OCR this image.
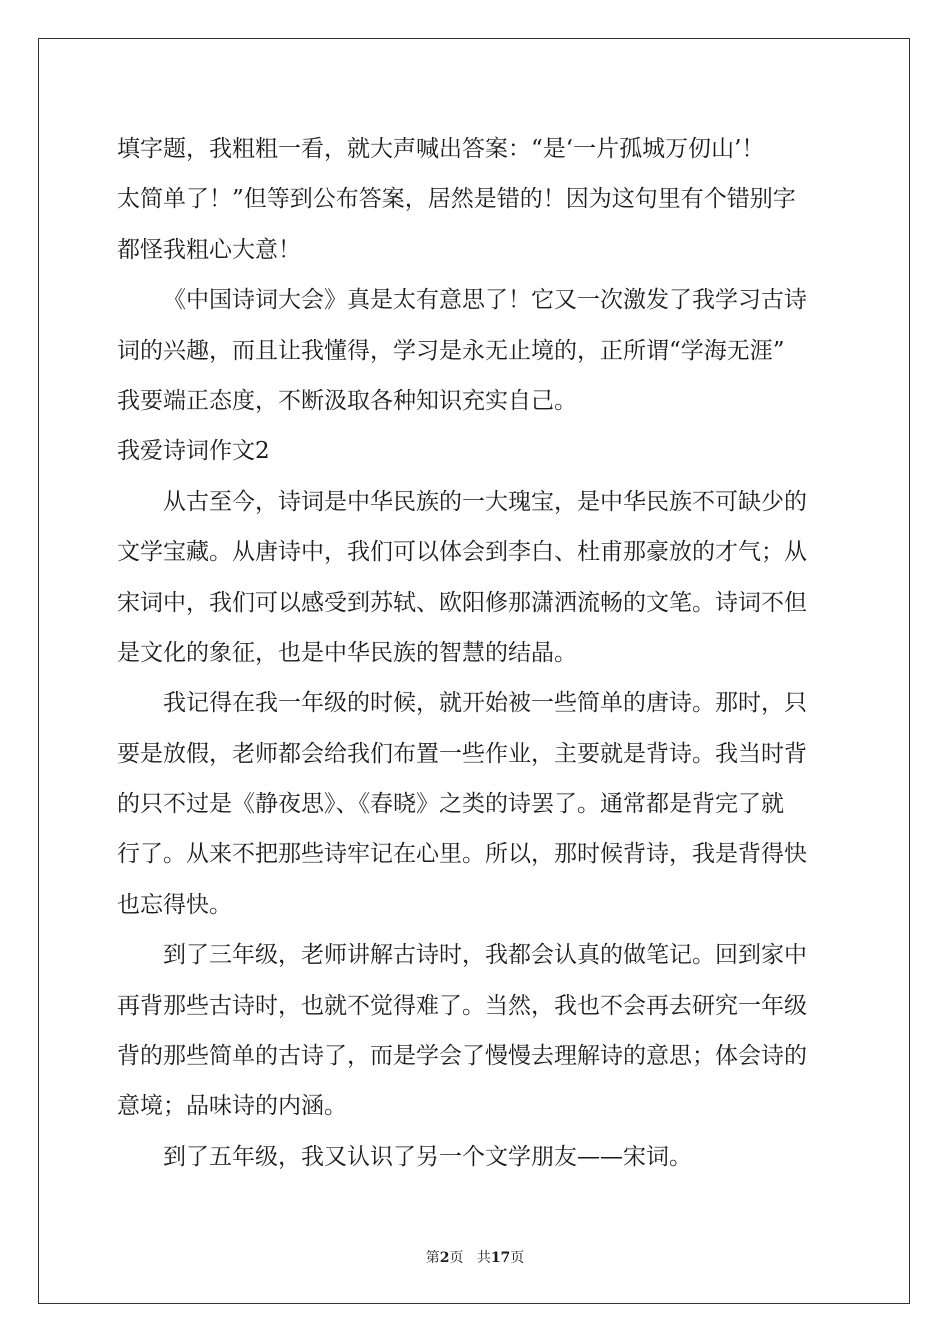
填字题，我粗粗一看，就大声喊出答案：“是‘一片孤城万仞山’！
太简单了！”但等到公布答案，居然是错的！因为这句里有个错别字
都怪我粗心大意！
《中国诗词大会》真是太有意思了！它又一次激发了我学习古诗
词的兴趣，而且让我懂得，学习是永无止境的，正所谓“学海无涯”
我要端正态度，不断汲取各种知识充实自己。
我爱诗词作文2
从古至今，诗词是中华民族的一大瑰宝，是中华民族不可缺少的
文学宝藏。从唐诗中，我们可以体会到李白、杜甫那豪放的才气；从
宋词中，我们可以感受到苏轼、欧阳修那潇洒流畅的文笔。诗词不但
是文化的象征，也是中华民族的智慧的结晶。
我记得在我一年级的时候，就开始被一些简单的唐诗。那时，只
要是放假，老师都会给我们布置一些作业，主要就是背诗。我当时背
的只不过是《静夜思》、《春晓》之类的诗罢了。通常都是背完了就
行了。从来不把那些诗牢记在心里。所以，那时候背诗，我是背得快
也忘得快。
到了三年级，老师讲解古诗时，我都会认真的做笔记。回到家中
再背那些古诗时，也就不觉得难了。当然，我也不会再去研究一年级
背的那些简单的古诗了，而是学会了慢慢去理解诗的意思；体会诗的
意境；品味诗的内涵。
到了五年级，我又认识了另一个文学朋友——宋词。
第2页 共17页
